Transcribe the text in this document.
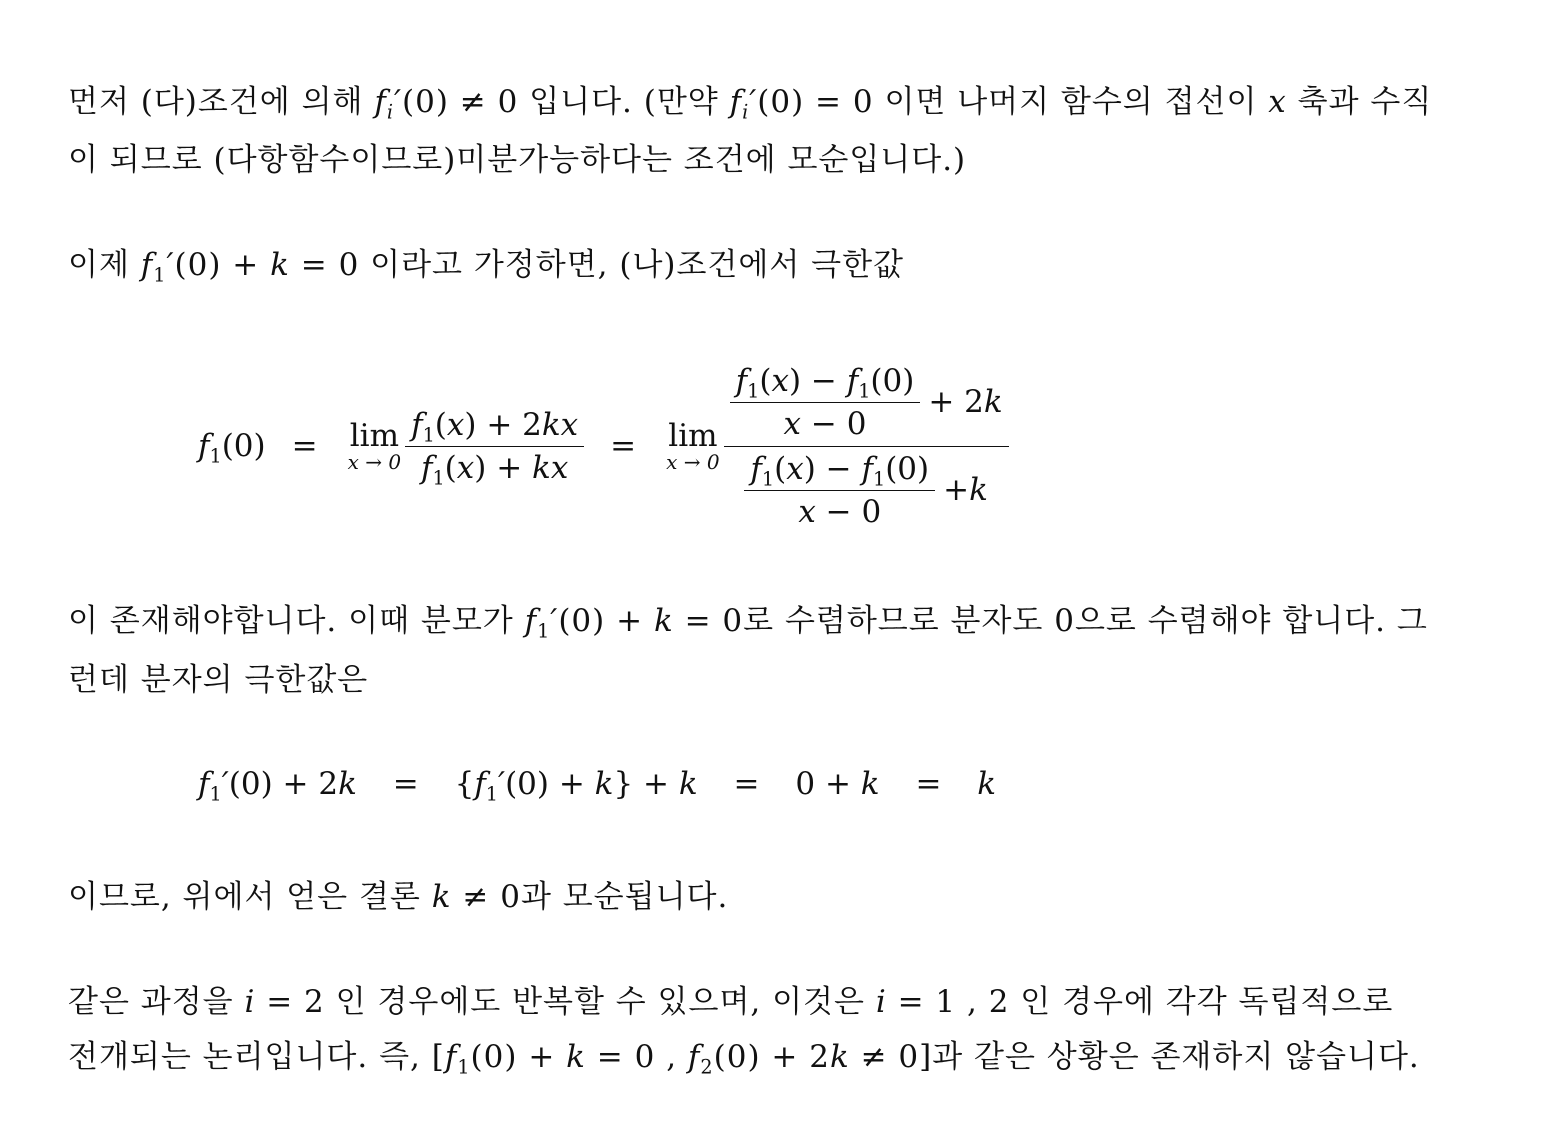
먼저 (다)조건에 의해 $f_i'(0) \ne 0$ 입니다. (만약 $f_i'(0) = 0$ 이면 나머지 함수의 접선이 x 축과 수직
이 되므로 (다항함수이므로)미분가능하다는 조건에 모순입니다.)
이제 $f_1'(0) + k = 0$ 이라고 가정하면, (나)조건에서 극한값
$f_1(0) = \lim$
$x \to 0 \frac{f_1(x) + 2kx}{f_1(x) + kx} = \lim$
$x \to 0 \frac{\frac{f_1(x) - f_1(0)}{x - 0} + 2 k}{\frac{f_1(x) - f_1(0)}{x - 0} + k}$
이 존재해야합니다. 이때 분모가 $f_1'(0) + k = 0$로 수렴하므로 분자도 0으로 수렴해야 합니다. 그
런데 분자의 극한값은
$f_1'(0) + 2k = \{f_1'(0) + k\} + k = 0 + k = k$
이므로, 위에서 얻은 결론 k ≠ 0과 모순됩니다.
같은 과정을 i = 2 인 경우에도 반복할 수 있으며, 이것은 i = 1 , 2 인 경우에 각각 독립적으로
전개되는 논리입니다. 즉, [$f_1(0) + k = 0$ , $f_2(0) + 2k \ne 0$]과 같은 상황은 존재하지 않습니다.
